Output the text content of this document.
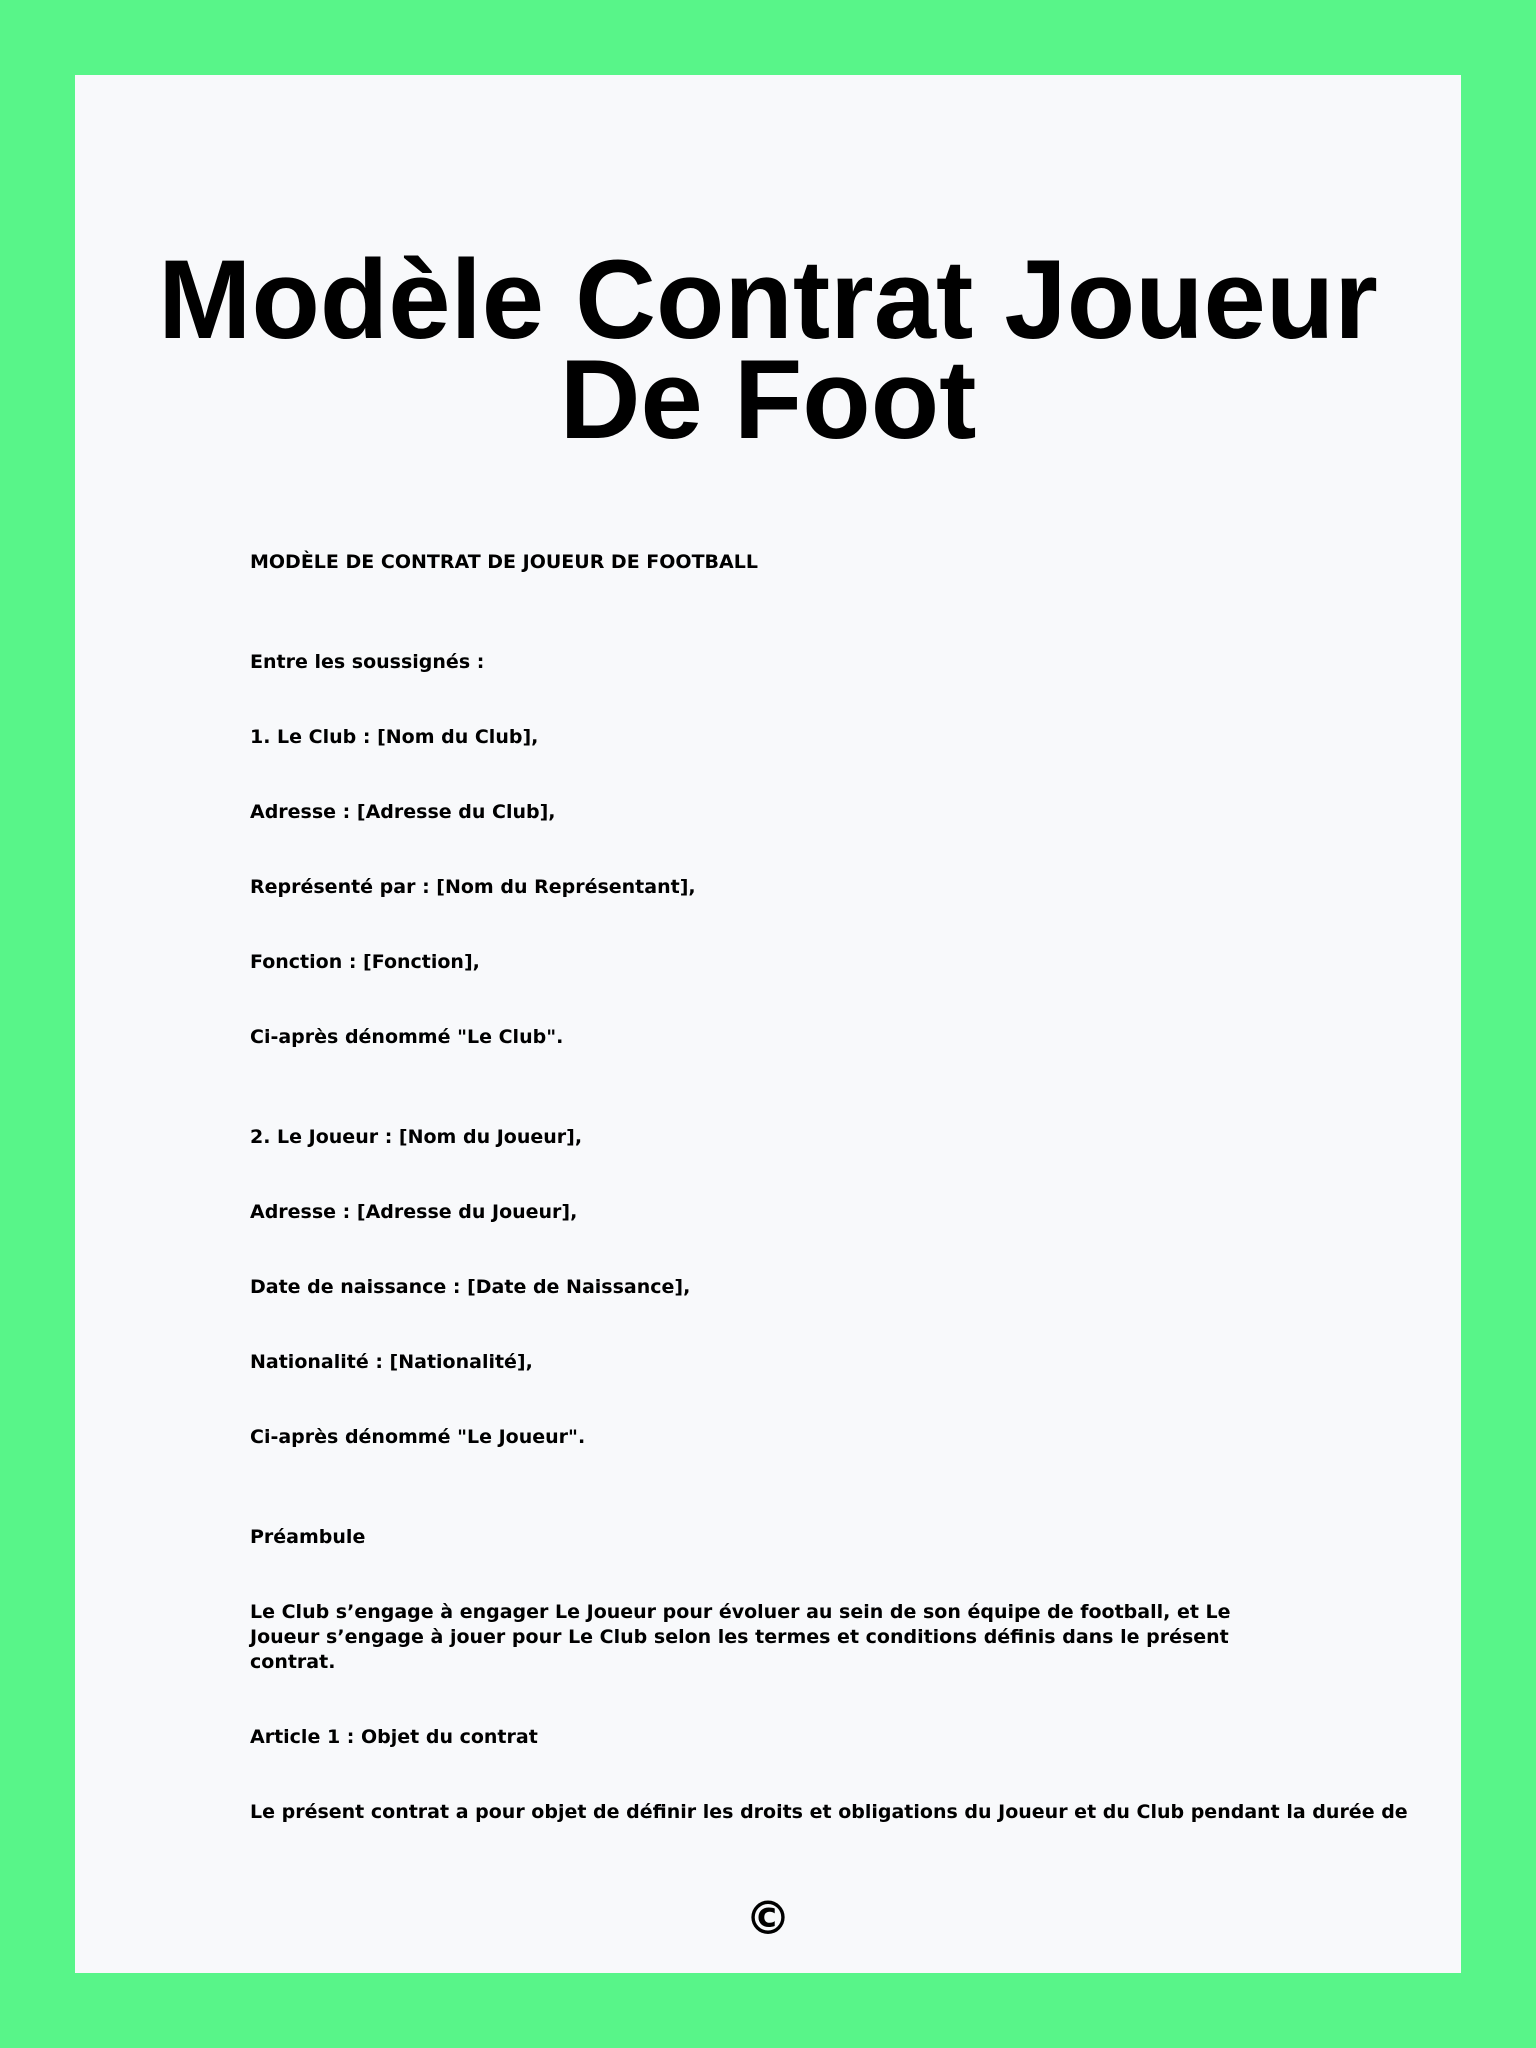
Modèle Contrat Joueur De Foot

MODÈLE DE CONTRAT DE JOUEUR DE FOOTBALL

Entre les soussignés :

1. Le Club : [Nom du Club],

Adresse : [Adresse du Club],

Représenté par : [Nom du Représentant],

Fonction : [Fonction],

Ci-après dénommé "Le Club".

2. Le Joueur : [Nom du Joueur],

Adresse : [Adresse du Joueur],

Date de naissance : [Date de Naissance],

Nationalité : [Nationalité],

Ci-après dénommé "Le Joueur".

Préambule

Le Club s’engage à engager Le Joueur pour évoluer au sein de son équipe de football, et Le Joueur s’engage à jouer pour Le Club selon les termes et conditions définis dans le présent contrat.

Article 1 : Objet du contrat

Le présent contrat a pour objet de définir les droits et obligations du Joueur et du Club pendant la durée de

©
